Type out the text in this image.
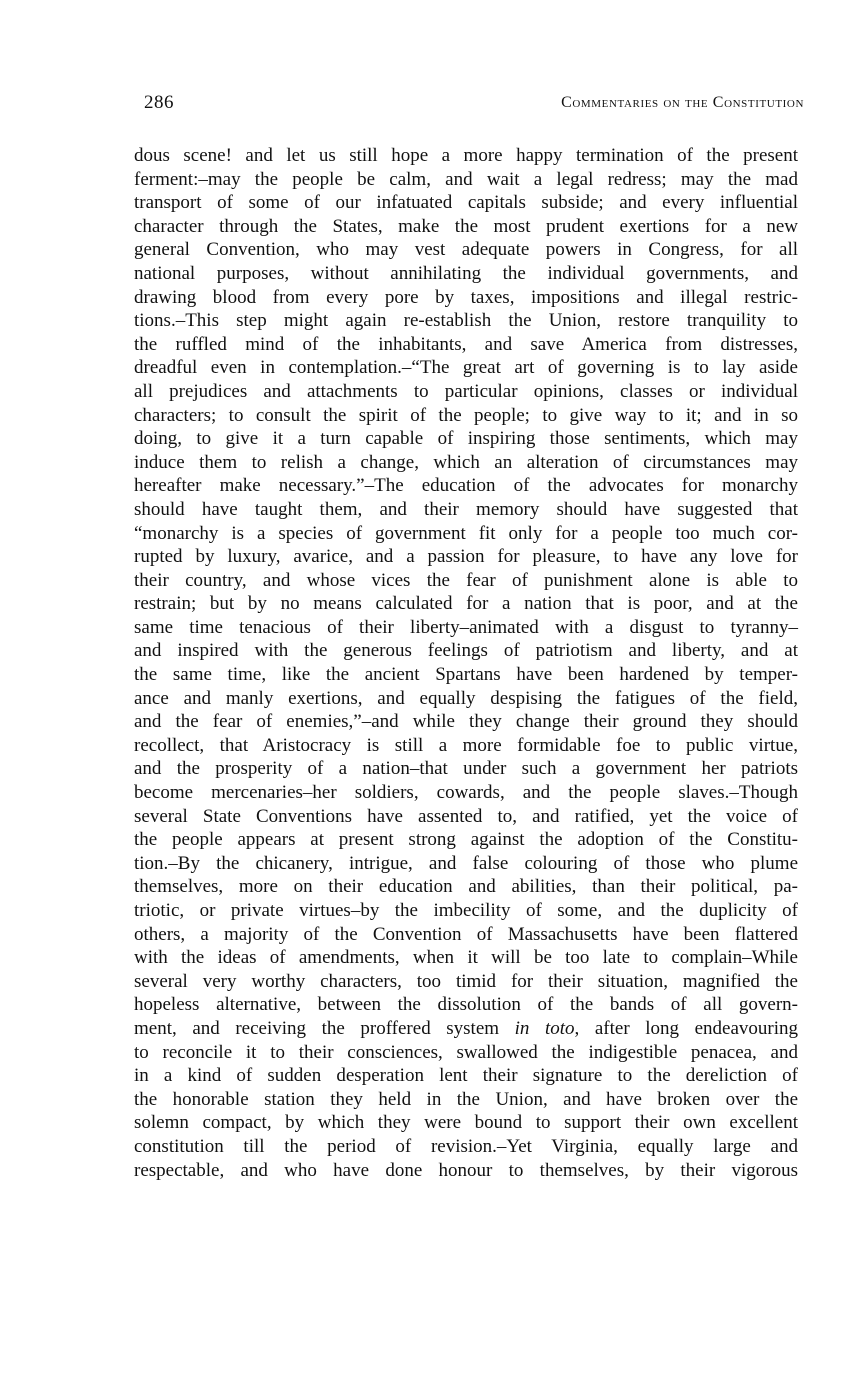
286	Commentaries on the Constitution
dous scene! and let us still hope a more happy termination of the present
ferment:–may the people be calm, and wait a legal redress; may the mad
transport of some of our infatuated capitals subside; and every influential
character through the States, make the most prudent exertions for a new
general Convention, who may vest adequate powers in Congress, for all
national purposes, without annihilating the individual governments, and
drawing blood from every pore by taxes, impositions and illegal restric-
tions.–This step might again re-establish the Union, restore tranquility to
the ruffled mind of the inhabitants, and save America from distresses,
dreadful even in contemplation.–“The great art of governing is to lay aside
all prejudices and attachments to particular opinions, classes or individual
characters; to consult the spirit of the people; to give way to it; and in so
doing, to give it a turn capable of inspiring those sentiments, which may
induce them to relish a change, which an alteration of circumstances may
hereafter make necessary.”–The education of the advocates for monarchy
should have taught them, and their memory should have suggested that
“monarchy is a species of government fit only for a people too much cor-
rupted by luxury, avarice, and a passion for pleasure, to have any love for
their country, and whose vices the fear of punishment alone is able to
restrain; but by no means calculated for a nation that is poor, and at the
same time tenacious of their liberty–animated with a disgust to tyranny–
and inspired with the generous feelings of patriotism and liberty, and at
the same time, like the ancient Spartans have been hardened by temper-
ance and manly exertions, and equally despising the fatigues of the field,
and the fear of enemies,”–and while they change their ground they should
recollect, that Aristocracy is still a more formidable foe to public virtue,
and the prosperity of a nation–that under such a government her patriots
become mercenaries–her soldiers, cowards, and the people slaves.–Though
several State Conventions have assented to, and ratified, yet the voice of
the people appears at present strong against the adoption of the Constitu-
tion.–By the chicanery, intrigue, and false colouring of those who plume
themselves, more on their education and abilities, than their political, pa-
triotic, or private virtues–by the imbecility of some, and the duplicity of
others, a majority of the Convention of Massachusetts have been flattered
with the ideas of amendments, when it will be too late to complain–While
several very worthy characters, too timid for their situation, magnified the
hopeless alternative, between the dissolution of the bands of all govern-
ment, and receiving the proffered system in toto, after long endeavouring
to reconcile it to their consciences, swallowed the indigestible penacea, and
in a kind of sudden desperation lent their signature to the dereliction of
the honorable station they held in the Union, and have broken over the
solemn compact, by which they were bound to support their own excellent
constitution till the period of revision.–Yet Virginia, equally large and
respectable, and who have done honour to themselves, by their vigorous
